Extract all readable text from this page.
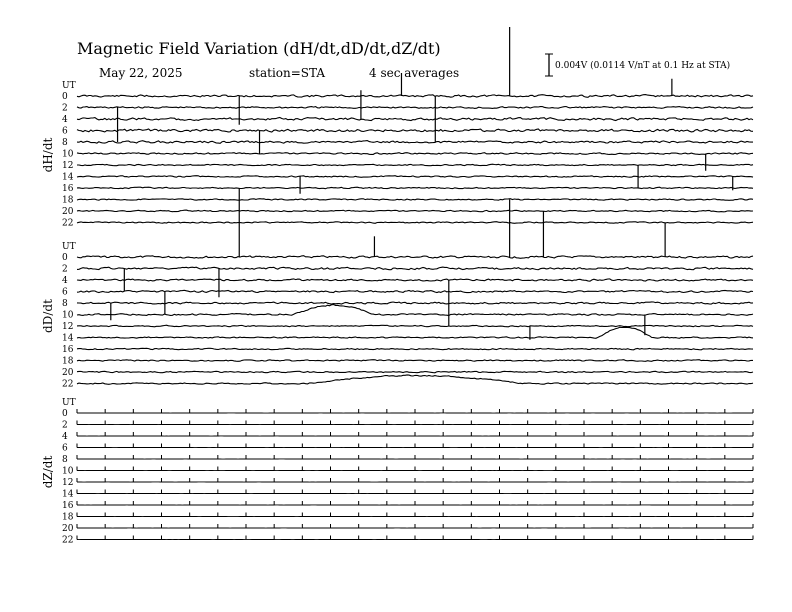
Magnetic Field Variation (dH/dt,dD/dt,dZ/dt)
May 22, 2025	station=STA	4 sec averages	0.004V (0.0114 V/nT at 0.1 Hz at STA)
UT
dH/dt
0
2
4
6
8
10
12
14
16
18
20
22
UT
dD/dt
0
2
4
6
8
10
12
14
16
18
20
22
UT
dZ/dt
0
2
4
6
8
10
12
14
16
18
20
22
